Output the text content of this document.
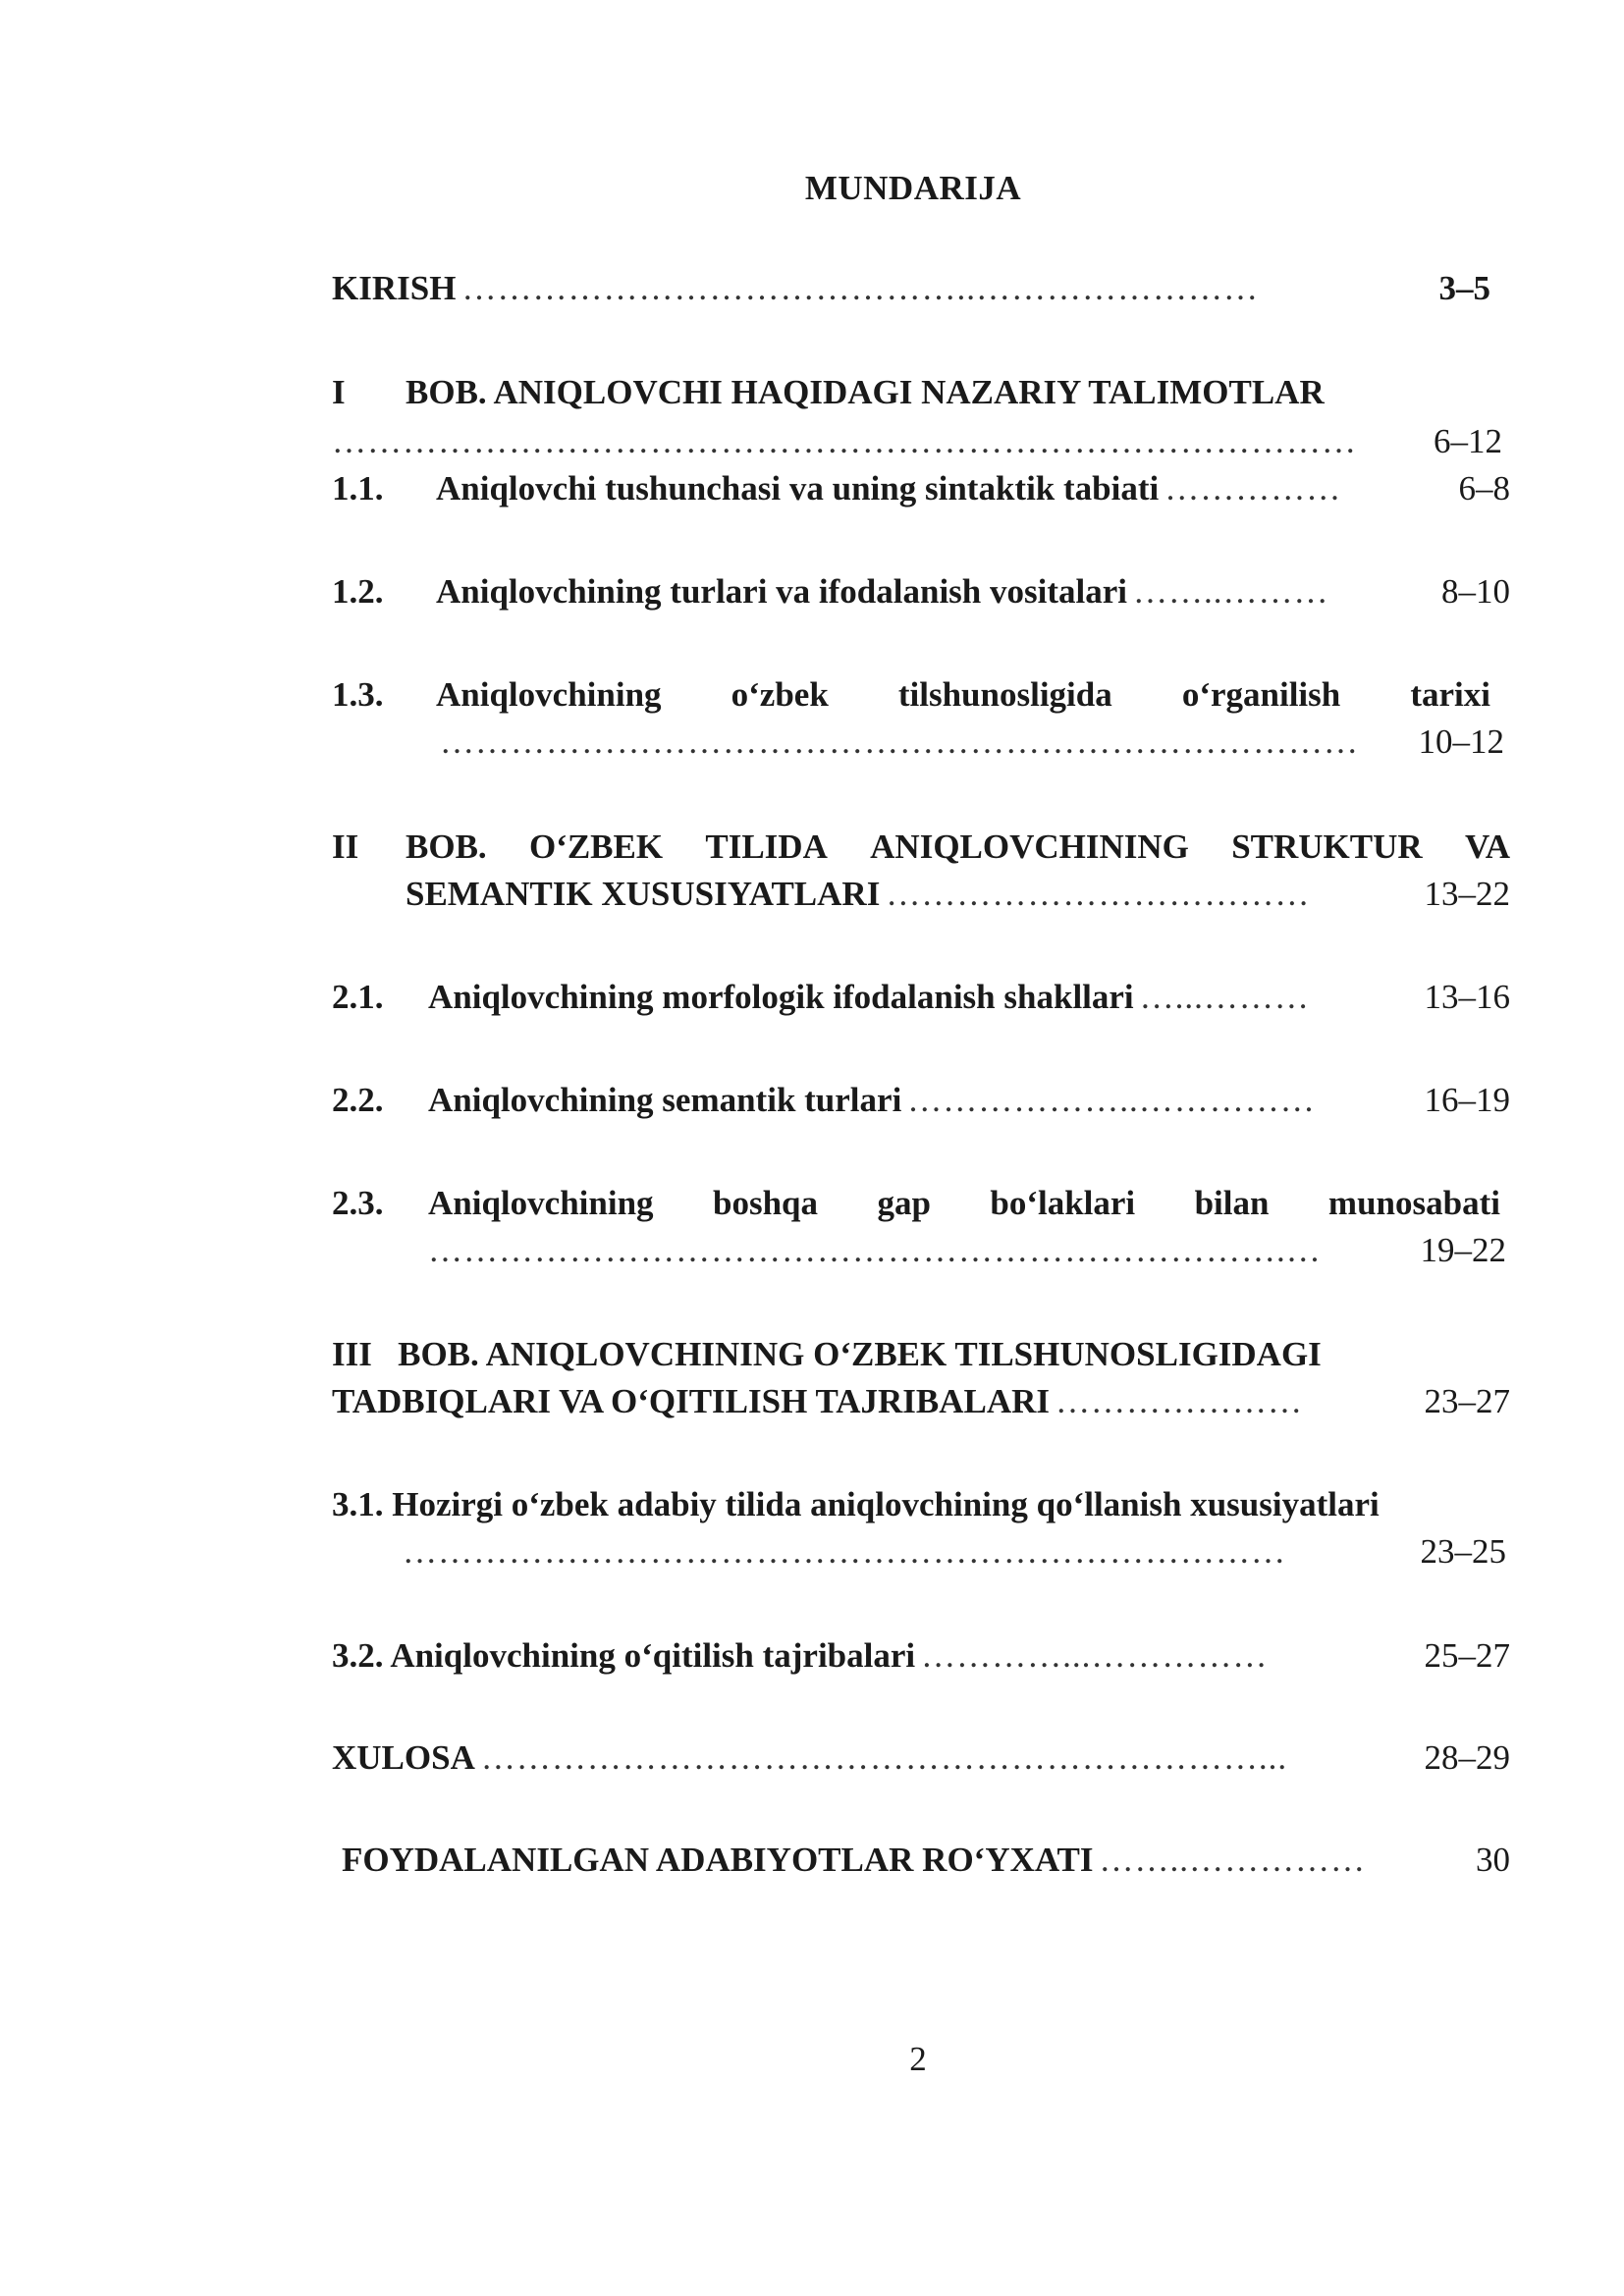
MUNDARIJA
KIRISH ……………………………………..……………………	3–5
I	BOB. ANIQLOVCHI HAQIDAGI NAZARIY TALIMOTLAR
……………………………………………………………………………	6–12
1.1.	Aniqlovchi tushunchasi va uning sintaktik tabiati ……………	6–8
1.2.	Aniqlovchining turlari va ifodalanish vositalari ……..………	8–10
1.3.	Aniqlovchining o‘zbek tilshunosligida o‘rganilish tarixi
……………………………………………………………………	10–12
II	BOB. O‘ZBEK TILIDA ANIQLOVCHINING STRUKTUR VA
SEMANTIK XUSUSIYATLARI ………………………………	13–22
2.1.	Aniqlovchining morfologik ifodalanish shakllari …...………	13–16
2.2.	Aniqlovchining semantik turlari ………………..……………	16–19
2.3.	Aniqlovchining boshqa gap bo‘laklari bilan munosabati
……………………………………………………………….…	19–22
III   BOB. ANIQLOVCHINING O‘ZBEK TILSHUNOSLIGIDAGI
TADBIQLARI VA O‘QITILISH TAJRIBALARI …………………	23–27
3.1. Hozirgi o‘zbek adabiy tilida aniqlovchining qo‘llanish xususiyatlari
…………………………………………………………………	23–25
3.2. Aniqlovchining o‘qitilish tajribalari …………...……………	25–27
XULOSA …………………………………………………………...	28–29
FOYDALANILGAN ADABIYOTLAR RO‘YXATI ……..……………	30
2
